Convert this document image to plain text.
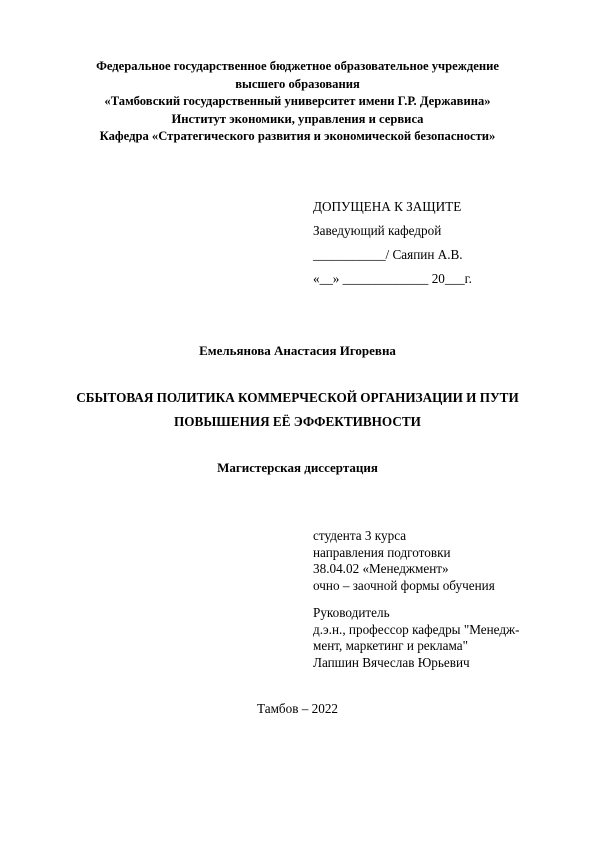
Федеральное государственное бюджетное образовательное учреждение
высшего образования
«Тамбовский государственный университет имени Г.Р. Державина»
Институт экономики, управления и сервиса
Кафедра «Стратегического развития и экономической безопасности»
ДОПУЩЕНА К ЗАЩИТЕ
Заведующий кафедрой
___________/ Саяпин А.В.
«__» _____________ 20___г.
Емельянова Анастасия Игоревна
СБЫТОВАЯ ПОЛИТИКА КОММЕРЧЕСКОЙ ОРГАНИЗАЦИИ И ПУТИ
ПОВЫШЕНИЯ ЕЁ ЭФФЕКТИВНОСТИ
Магистерская диссертация
студента 3 курса
направления подготовки
38.04.02 «Менеджмент»
очно – заочной формы обучения
Руководитель
д.э.н., профессор кафедры "Менедж-
мент, маркетинг и реклама"
Лапшин Вячеслав Юрьевич
Тамбов – 2022
